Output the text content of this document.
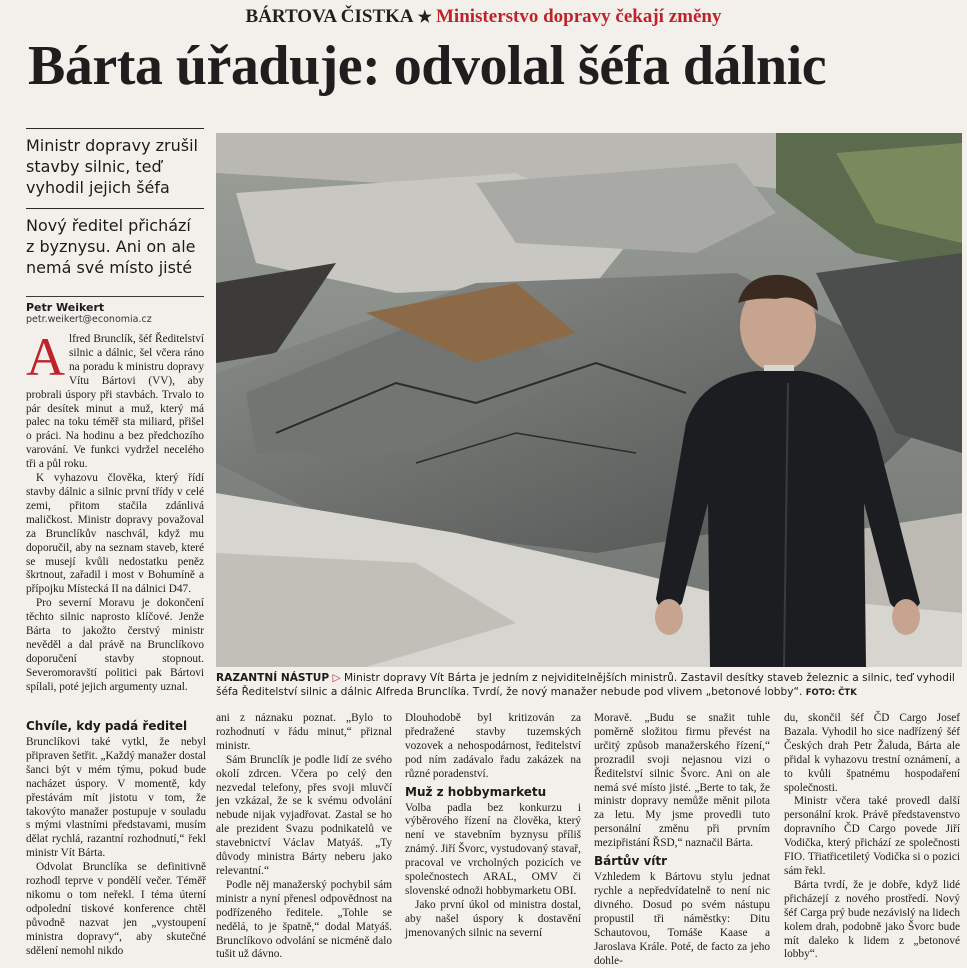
BÁRTOVA ČISTKA ★ Ministerstvo dopravy čekají změny
Bárta úřaduje: odvolal šéfa dálnic
Ministr dopravy zrušil stavby silnic, teď vyhodil jejich šéfa
Nový ředitel přichází z byznysu. Ani on ale nemá své místo jisté
Petr Weikert
petr.weikert@economia.cz

Alfred Brunclík, šéf Ředitelství silnic a dálnic, šel včera ráno na poradu k ministru dopravy Vítu Bártovi (VV), aby probrali úspory při stavbách. Trvalo to pár desítek minut a muž, který má palec na toku téměř sta miliard, přišel o práci. Na hodinu a bez předchozího varování. Ve funkci vydržel necelého tři a půl roku.

K vyhazovu člověka, který řídí stavby dálnic a silnic první třídy v celé zemi, přitom stačila zdánlivá maličkost. Ministr dopravy považoval za Brunclíkův naschvál, když mu doporučil, aby na seznam staveb, které se musejí kvůli nedostatku peněz škrtnout, zařadil i most v Bohumíně a přípojku Místecká II na dálnici D47.

Pro severní Moravu je dokončení těchto silnic naprosto klíčové. Jenže Bárta to jakožto čerstvý ministr nevěděl a dal právě na Brunclíkovo doporučení stavby stopnout. Severomoravští politici pak Bártovi spílali, poté jejich argumenty uznal.

RAZANTNÍ NÁSTUP ▷ Ministr dopravy Vít Bárta je jedním z nejviditelnějších ministrů. Zastavil desítky staveb železnic a silnic, teď vyhodil šéfa Ředitelství silnic a dálnic Alfreda Brunclíka. Tvrdí, že nový manažer nebude pod vlivem „betonové lobby“. FOTO: ČTK
Chvíle, kdy padá ředitel

Brunclíkovi také vytkl, že nebyl připraven šetřit. „Každý manažer dostal šanci být v mém týmu, pokud bude nacházet úspory. V momentě, kdy přestávám mít jistotu v tom, že takovýto manažer postupuje v souladu s mými vlastními představami, musím dělat rychlá, razantní rozhodnutí,“ řekl ministr Vít Bárta.

Odvolat Brunclíka se definitivně rozhodl teprve v pondělí večer. Téměř nikomu o tom neřekl. I téma úterní odpolední tiskové konference chtěl původně nazvat jen „vystoupení ministra dopravy“, aby skutečné sdělení nemohl nikdo

ani z náznaku poznat. „Bylo to rozhodnutí v řádu minut,“ přiznal ministr.

Sám Brunclík je podle lidí ze svého okolí zdrcen. Včera po celý den nezvedal telefony, přes svoji mluvčí jen vzkázal, že se k svému odvolání nebude nijak vyjadřovat. Zastal se ho ale prezident Svazu podnikatelů ve stavebnictví Václav Matyáš. „Ty důvody ministra Bárty neberu jako relevantní.“

Podle něj manažerský pochybil sám ministr a nyní přenesl odpovědnost na podřízeného ředitele. „Tohle se nedělá, to je špatně,“ dodal Matyáš. Brunclíkovo odvolání se nicméně dalo tušit už dávno.

Dlouhodobě byl kritizován za předražené stavby tuzemských vozovek a nehospodárnost, ředitelství pod ním zadávalo řadu zakázek na různé poradenství.

Muž z hobbymarketu

Volba padla bez konkurzu i výběrového řízení na člověka, který není ve stavebním byznysu příliš známý. Jiří Švorc, vystudovaný stavař, pracoval ve vrcholných pozicích ve společnostech ARAL, OMV či slovenské odnoži hobbymarketu OBI.

Jako první úkol od ministra dostal, aby našel úspory k dostavění jmenovaných silnic na severní

Moravě. „Budu se snažit tuhle poměrně složitou firmu převést na určitý způsob manažerského řízení,“ prozradil svoji nejasnou vizi o Ředitelství silnic Švorc. Ani on ale nemá své místo jisté. „Berte to tak, že ministr dopravy nemůže měnit pilota za letu. My jsme provedli tuto personální změnu při prvním mezipřistání ŘSD,“ naznačil Bárta.

Bártův vítr

Vzhledem k Bártovu stylu jednat rychle a nepředvídatelně to není nic divného. Dosud po svém nástupu propustil tři náměstky: Ditu Schautovou, Tomáše Kaase a Jaroslava Krále. Poté, de facto za jeho dohle-

du, skončil šéf ČD Cargo Josef Bazala. Vyhodil ho sice nadřízený šéf Českých drah Petr Žaluda, Bárta ale přidal k vyhazovu trestní oznámení, a to kvůli špatnému hospodaření společnosti.

Ministr včera také provedl další personální krok. Právě představenstvo dopravního ČD Cargo povede Jiří Vodička, který přichází ze společnosti FIO. Třiatřicetiletý Vodička si o pozici sám řekl.

Bárta tvrdí, že je dobře, když lidé přicházejí z nového prostředí. Nový šéf Carga prý bude nezávislý na lidech kolem drah, podobně jako Švorc bude mít daleko k lidem z „betonové lobby“.
